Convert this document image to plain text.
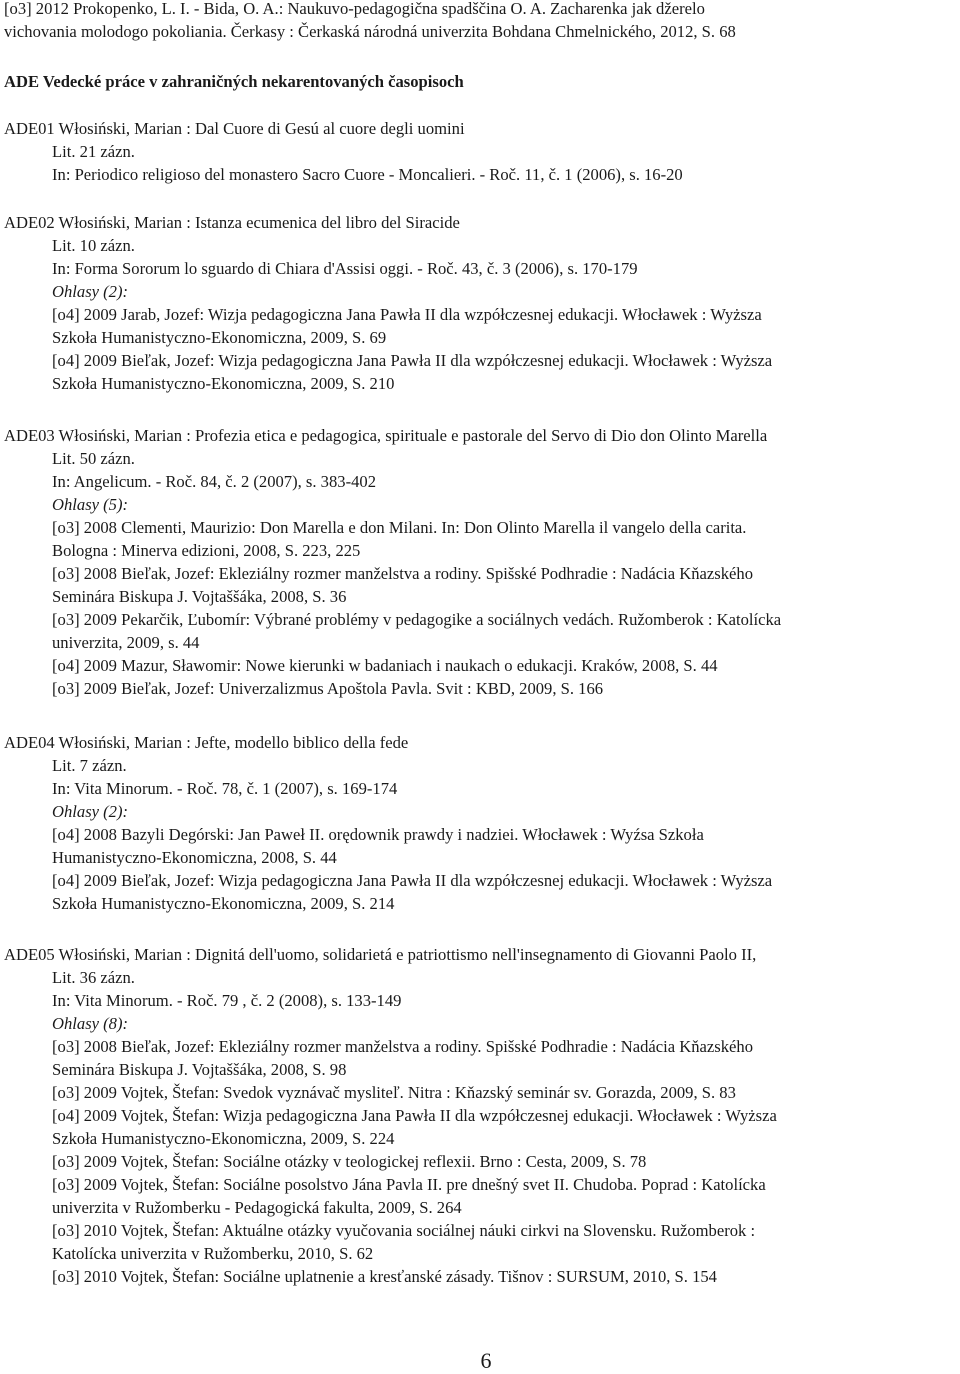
[o3] 2012 Prokopenko, L. I. - Bida, O. A.: Naukuvo-pedagogična spadščina O. A. Zacharenka jak džerelo
vichovania molodogo pokoliania. Čerkasy : Čerkaská národná univerzita Bohdana Chmelnického, 2012, S. 68
ADE Vedecké práce v zahraničných nekarentovaných časopisoch
ADE01 Włosiński, Marian : Dal Cuore di Gesú al cuore degli uomini
Lit. 21 zázn.
In: Periodico religioso del monastero Sacro Cuore - Moncalieri. - Roč. 11, č. 1 (2006), s. 16-20
ADE02 Włosiński, Marian : Istanza ecumenica del libro del Siracide
Lit. 10 zázn.
In: Forma Sororum lo sguardo di Chiara d'Assisi oggi. - Roč. 43, č. 3 (2006), s. 170-179
Ohlasy (2):
[o4] 2009 Jarab, Jozef: Wizja pedagogiczna Jana Pawła II dla wzpółczesnej edukacji. Włocławek : Wyższa
Szkoła Humanistyczno-Ekonomiczna, 2009, S. 69
[o4] 2009 Bieľak, Jozef: Wizja pedagogiczna Jana Pawła II dla wzpółczesnej edukacji. Włocławek : Wyższa
Szkoła Humanistyczno-Ekonomiczna, 2009, S. 210
ADE03 Włosiński, Marian : Profezia etica e pedagogica, spirituale e pastorale del Servo di Dio don Olinto Marella
Lit. 50 zázn.
In: Angelicum. - Roč. 84, č. 2 (2007), s. 383-402
Ohlasy (5):
[o3] 2008 Clementi, Maurizio: Don Marella e don Milani. In: Don Olinto Marella il vangelo della carita.
Bologna : Minerva edizioni, 2008, S. 223, 225
[o3] 2008 Bieľak, Jozef: Ekleziálny rozmer manželstva a rodiny. Spišské Podhradie : Nadácia Kňazského
Seminára Biskupa J. Vojtaššáka, 2008, S. 36
[o3] 2009 Pekarčik, Ľubomír: Výbrané problémy v pedagogike a sociálnych vedách. Ružomberok : Katolícka
univerzita, 2009, s. 44
[o4] 2009 Mazur, Sławomir: Nowe kierunki w badaniach i naukach o edukacji. Kraków, 2008, S. 44
[o3] 2009 Bieľak, Jozef: Univerzalizmus Apoštola Pavla. Svit : KBD, 2009, S. 166
ADE04 Włosiński, Marian : Jefte, modello biblico della fede
Lit. 7 zázn.
In: Vita Minorum. - Roč. 78, č. 1 (2007), s. 169-174
Ohlasy (2):
[o4] 2008 Bazyli Degórski: Jan Paweł II. orędownik prawdy i nadziei. Włocławek : Wyźsa Szkoła
Humanistyczno-Ekonomiczna, 2008, S. 44
[o4] 2009 Bieľak, Jozef: Wizja pedagogiczna Jana Pawła II dla wzpółczesnej edukacji. Włocławek : Wyższa
Szkoła Humanistyczno-Ekonomiczna, 2009, S. 214
ADE05 Włosiński, Marian : Dignitá dell'uomo, solidarietá e patriottismo nell'insegnamento di Giovanni Paolo II,
Lit. 36 zázn.
In: Vita Minorum. - Roč. 79 , č. 2 (2008), s. 133-149
Ohlasy (8):
[o3] 2008 Bieľak, Jozef: Ekleziálny rozmer manželstva a rodiny. Spišské Podhradie : Nadácia Kňazského
Seminára Biskupa J. Vojtaššáka, 2008, S. 98
[o3] 2009 Vojtek, Štefan: Svedok vyznávač mysliteľ. Nitra : Kňazský seminár sv. Gorazda, 2009, S. 83
[o4] 2009 Vojtek, Štefan: Wizja pedagogiczna Jana Pawła II dla wzpółczesnej edukacji. Włocławek : Wyższa
Szkoła Humanistyczno-Ekonomiczna, 2009, S. 224
[o3] 2009 Vojtek, Štefan: Sociálne otázky v teologickej reflexii. Brno : Cesta, 2009, S. 78
[o3] 2009 Vojtek, Štefan: Sociálne posolstvo Jána Pavla II. pre dnešný svet II. Chudoba. Poprad : Katolícka
univerzita v Ružomberku - Pedagogická fakulta, 2009, S. 264
[o3] 2010 Vojtek, Štefan: Aktuálne otázky vyučovania sociálnej náuki cirkvi na Slovensku. Ružomberok :
Katolícka univerzita v Ružomberku, 2010, S. 62
[o3] 2010 Vojtek, Štefan: Sociálne uplatnenie a kresťanské zásady. Tišnov : SURSUM, 2010, S. 154
6
